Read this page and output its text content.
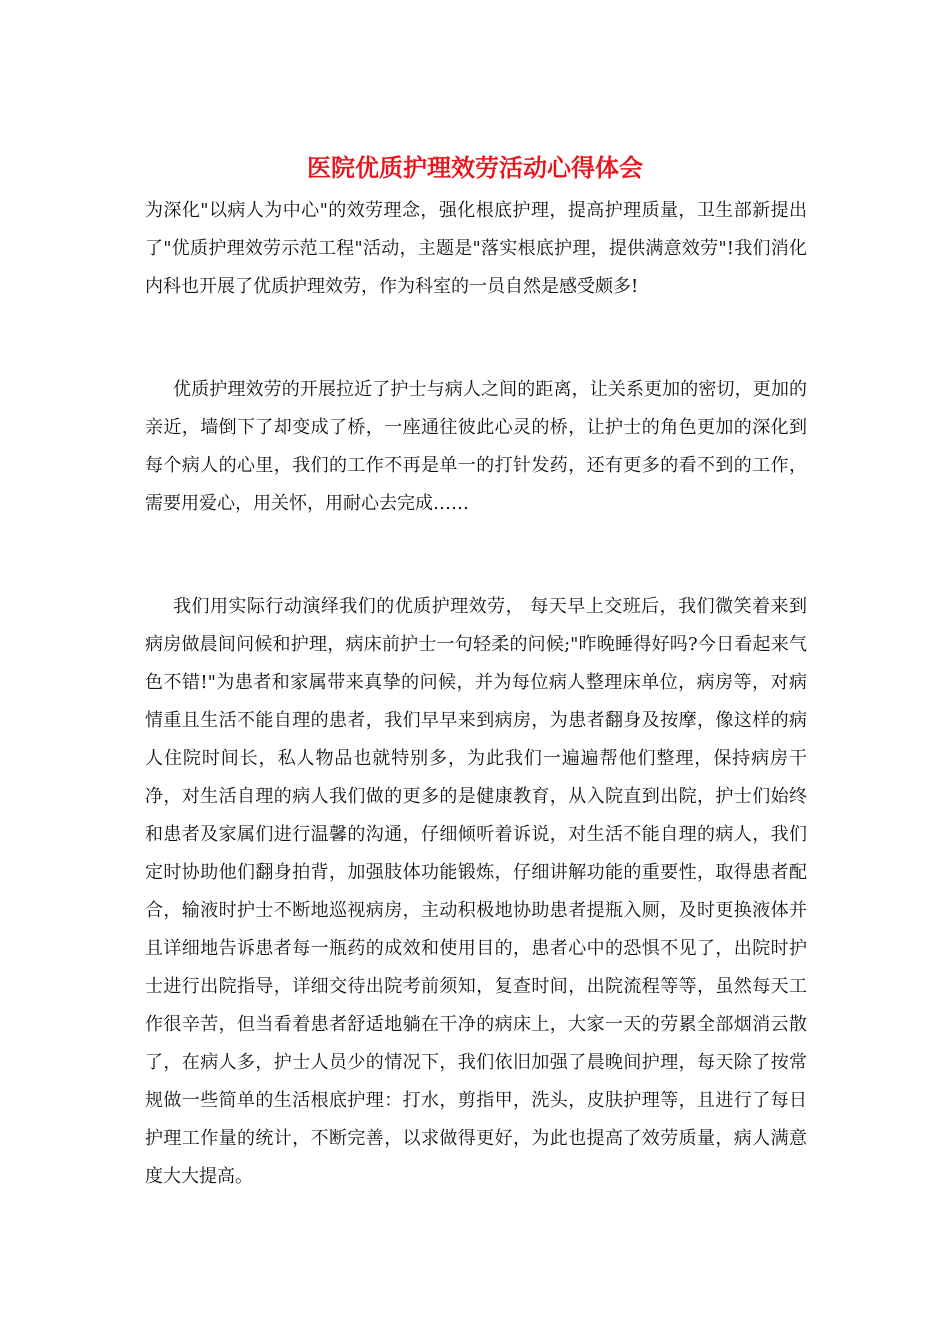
医院优质护理效劳活动心得体会

为深化"以病人为中心"的效劳理念，强化根底护理，提高护理质量，卫生部新提出了"优质护理效劳示范工程"活动，主题是"落实根底护理，提供满意效劳"!我们消化内科也开展了优质护理效劳，作为科室的一员自然是感受颇多!

优质护理效劳的开展拉近了护士与病人之间的距离，让关系更加的密切，更加的亲近，墙倒下了却变成了桥，一座通往彼此心灵的桥，让护士的角色更加的深化到每个病人的心里，我们的工作不再是单一的打针发药，还有更多的看不到的工作，需要用爱心，用关怀，用耐心去完成……

我们用实际行动演绎我们的优质护理效劳， 每天早上交班后，我们微笑着来到病房做晨间问候和护理，病床前护士一句轻柔的问候;"昨晚睡得好吗?今日看起来气色不错!"为患者和家属带来真挚的问候，并为每位病人整理床单位，病房等，对病情重且生活不能自理的患者，我们早早来到病房，为患者翻身及按摩，像这样的病人住院时间长，私人物品也就特别多，为此我们一遍遍帮他们整理，保持病房干净，对生活自理的病人我们做的更多的是健康教育，从入院直到出院，护士们始终和患者及家属们进行温馨的沟通，仔细倾听着诉说，对生活不能自理的病人，我们定时协助他们翻身拍背，加强肢体功能锻炼，仔细讲解功能的重要性，取得患者配合，输液时护士不断地巡视病房，主动积极地协助患者提瓶入厕，及时更换液体并且详细地告诉患者每一瓶药的成效和使用目的，患者心中的恐惧不见了，出院时护士进行出院指导，详细交待出院考前须知，复查时间，出院流程等等，虽然每天工作很辛苦，但当看着患者舒适地躺在干净的病床上，大家一天的劳累全部烟消云散了，在病人多，护士人员少的情况下，我们依旧加强了晨晚间护理，每天除了按常规做一些简单的生活根底护理：打水，剪指甲，洗头，皮肤护理等，且进行了每日护理工作量的统计，不断完善，以求做得更好，为此也提高了效劳质量，病人满意度大大提高。
